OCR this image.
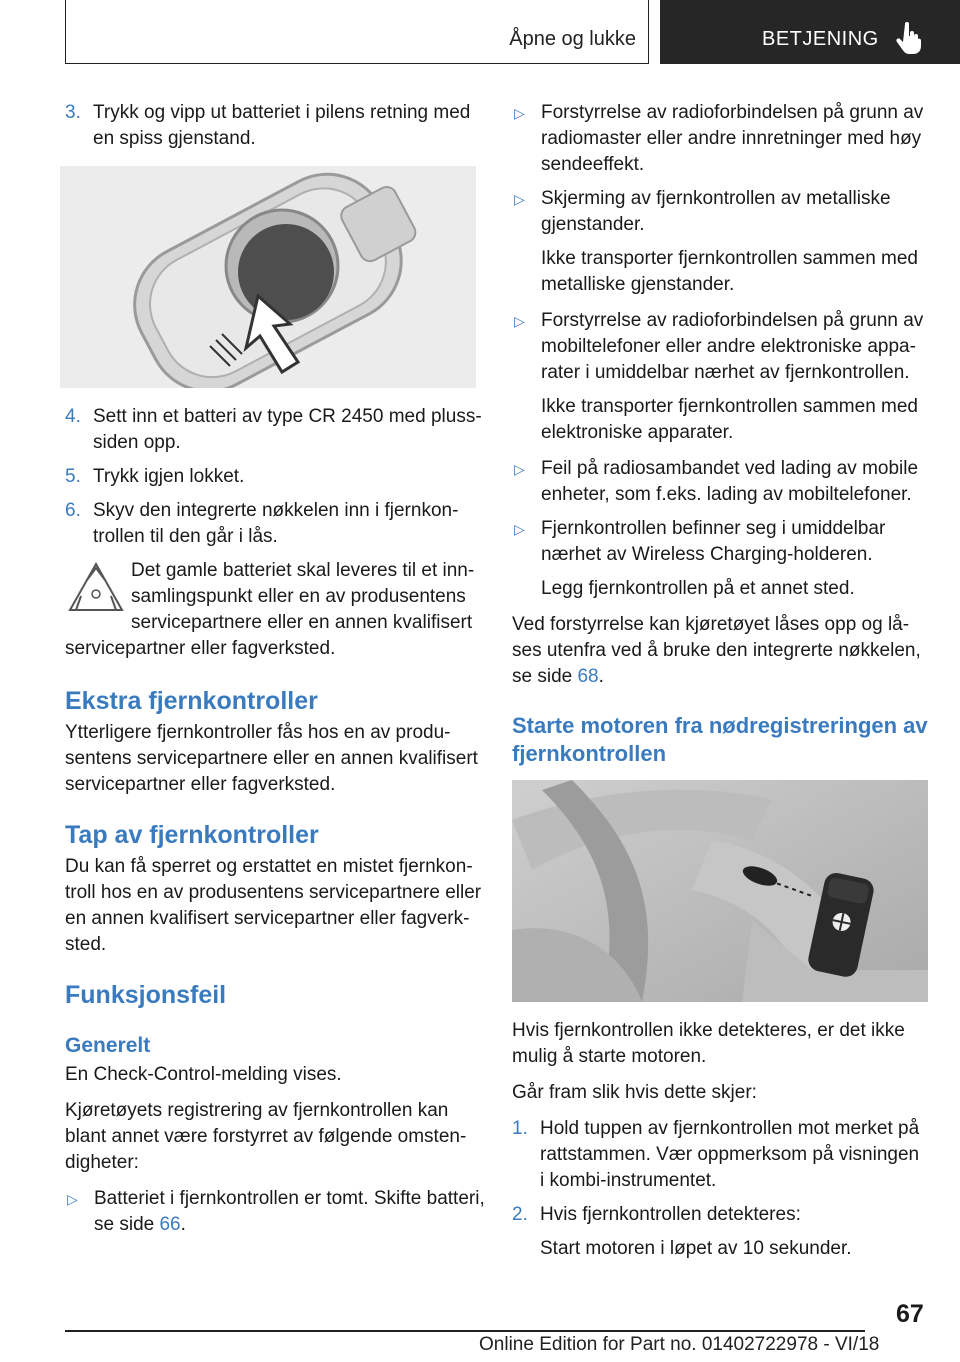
Åpne og lukke	BETJENING
3. Trykk og vipp ut batteriet i pilens retning med en spiss gjenstand.
4. Sett inn et batteri av type CR 2450 med pluss-siden opp.
5. Trykk igjen lokket.
6. Skyv den integrerte nøkkelen inn i fjernkontrollen til den går i lås.
Det gamle batteriet skal leveres til et innsamlingspunkt eller en av produsentens servicepartnere eller en annen kvalifisert servicepartner eller fagverksted.
Ekstra fjernkontroller
Ytterligere fjernkontroller fås hos en av produsentens servicepartnere eller en annen kvalifisert servicepartner eller fagverksted.
Tap av fjernkontroller
Du kan få sperret og erstattet en mistet fjernkontroll hos en av produsentens servicepartnere eller en annen kvalifisert servicepartner eller fagverksted.
Funksjonsfeil
Generelt
En Check-Control-melding vises.
Kjøretøyets registrering av fjernkontrollen kan blant annet være forstyrret av følgende omstendigheter:
▷ Batteriet i fjernkontrollen er tomt. Skifte batteri, se side 66.
▷ Forstyrrelse av radioforbindelsen på grunn av radiomaster eller andre innretninger med høy sendeeffekt.
▷ Skjerming av fjernkontrollen av metalliske gjenstander.
Ikke transporter fjernkontrollen sammen med metalliske gjenstander.
▷ Forstyrrelse av radioforbindelsen på grunn av mobiltelefoner eller andre elektroniske apparater i umiddelbar nærhet av fjernkontrollen.
Ikke transporter fjernkontrollen sammen med elektroniske apparater.
▷ Feil på radiosambandet ved lading av mobile enheter, som f.eks. lading av mobiltelefoner.
▷ Fjernkontrollen befinner seg i umiddelbar nærhet av Wireless Charging-holderen.
Legg fjernkontrollen på et annet sted.
Ved forstyrrelse kan kjøretøyet låses opp og låses utenfra ved å bruke den integrerte nøkkelen, se side 68.
Starte motoren fra nødregistreringen av fjernkontrollen
Hvis fjernkontrollen ikke detekteres, er det ikke mulig å starte motoren.
Går fram slik hvis dette skjer:
1. Hold tuppen av fjernkontrollen mot merket på rattstammen. Vær oppmerksom på visningen i kombi-instrumentet.
2. Hvis fjernkontrollen detekteres:
Start motoren i løpet av 10 sekunder.
67
Online Edition for Part no. 01402722978 - VI/18
